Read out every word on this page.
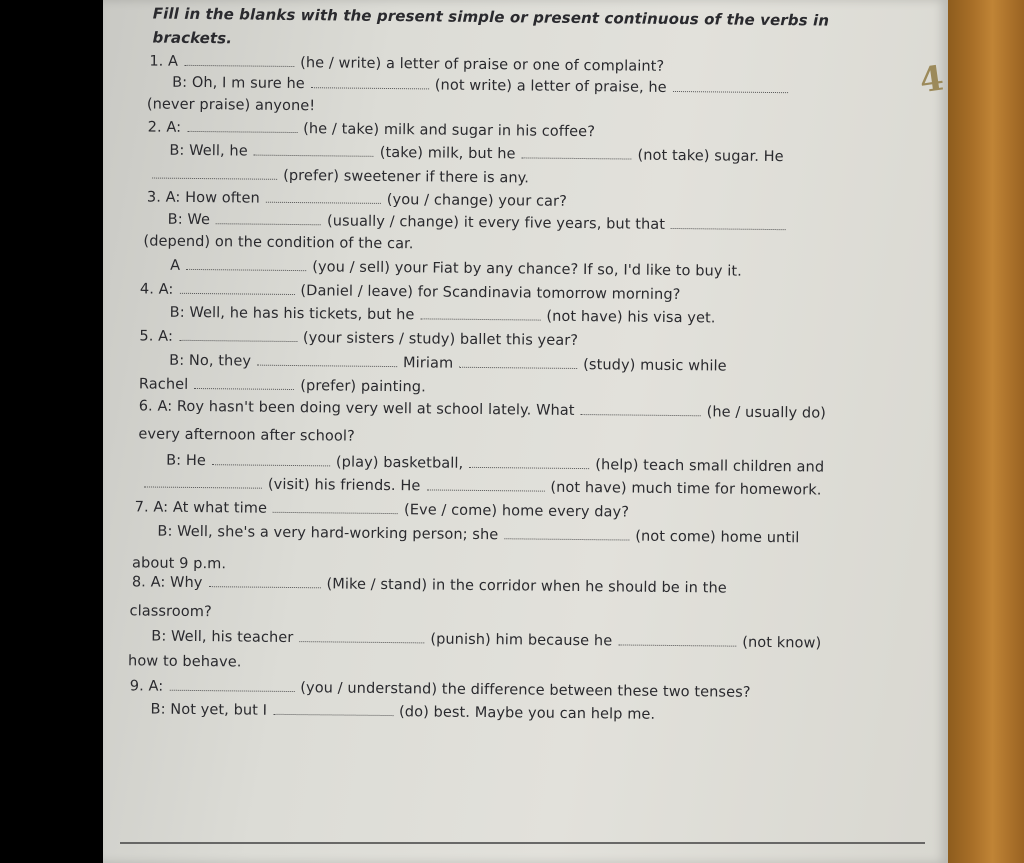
Fill in the blanks with the present simple or present continuous of the verbs in
brackets.
1. A	(he / write) a letter of praise or one of complaint?
B: Oh, I m sure he	(not write) a letter of praise, he
(never praise) anyone!
2. A:	(he / take) milk and sugar in his coffee?
B: Well, he	(take) milk, but he	(not take) sugar. He
(prefer) sweetener if there is any.
3. A: How often	(you / change) your car?
B: We	(usually / change) it every five years, but that
(depend) on the condition of the car.
A	(you / sell) your Fiat by any chance? If so, I'd like to buy it.
4. A:	(Daniel / leave) for Scandinavia tomorrow morning?
B: Well, he has his tickets, but he	(not have) his visa yet.
5. A:	(your sisters / study) ballet this year?
B: No, they	Miriam	(study) music while
Rachel	(prefer) painting.
6. A: Roy hasn't been doing very well at school lately. What	(he / usually do)
every afternoon after school?
B: He	(play) basketball,	(help) teach small children and
(visit) his friends. He	(not have) much time for homework.
7. A: At what time	(Eve / come) home every day?
B: Well, she's a very hard-working person; she	(not come) home until
about 9 p.m.
8. A: Why	(Mike / stand) in the corridor when he should be in the
classroom?
B: Well, his teacher	(punish) him because he	(not know)
how to behave.
9. A:	(you / understand) the difference between these two tenses?
B: Not yet, but I	(do) best. Maybe you can help me.
4
